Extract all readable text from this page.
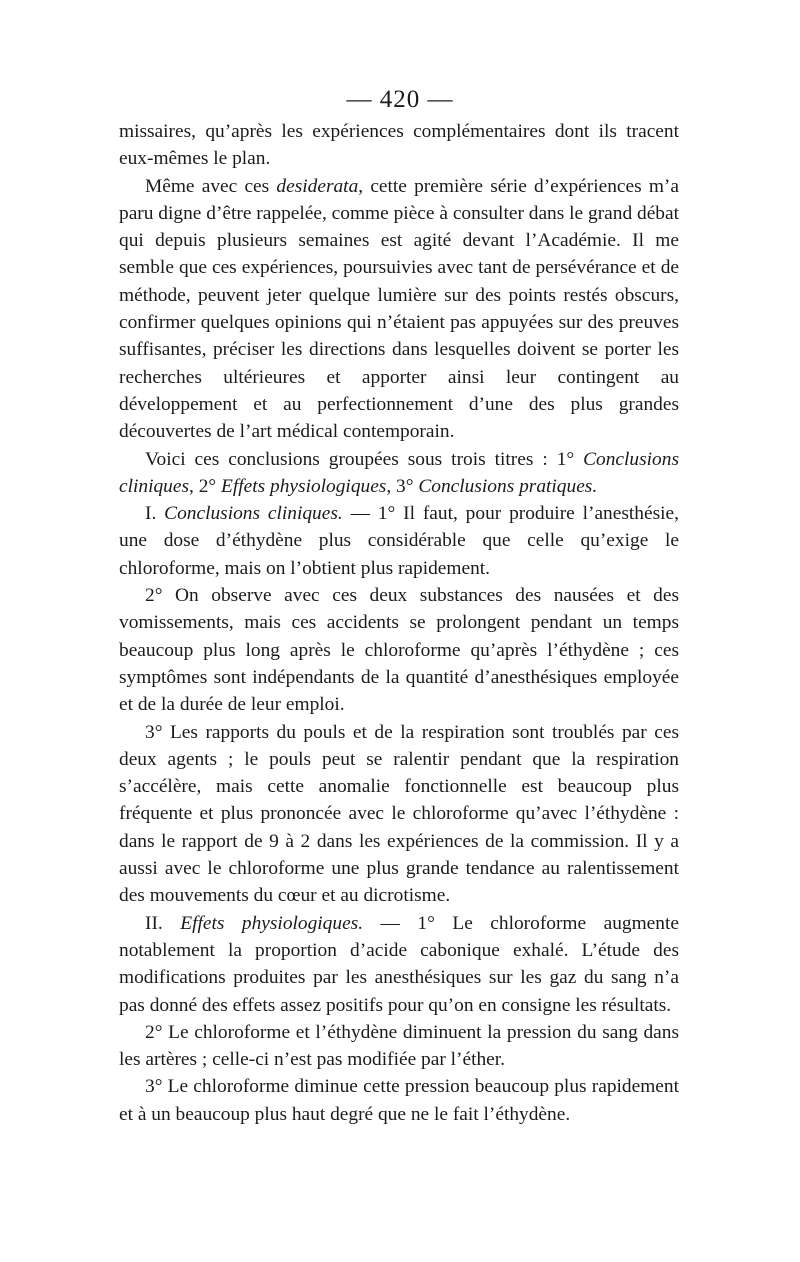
— 420 —

missaires, qu’après les expériences complémentaires dont ils tracent eux-mêmes le plan.

Même avec ces desiderata, cette première série d’expériences m’a paru digne d’être rappelée, comme pièce à consulter dans le grand débat qui depuis plusieurs semaines est agité devant l’Académie. Il me semble que ces expériences, poursuivies avec tant de persévérance et de méthode, peuvent jeter quelque lumière sur des points restés obscurs, confirmer quelques opinions qui n’étaient pas appuyées sur des preuves suffisantes, préciser les directions dans lesquelles doivent se porter les recherches ultérieures et apporter ainsi leur contingent au développement et au perfectionnement d’une des plus grandes découvertes de l’art médical contemporain.

Voici ces conclusions groupées sous trois titres : 1° Conclusions cliniques, 2° Effets physiologiques, 3° Conclusions pratiques.

I. Conclusions cliniques. — 1° Il faut, pour produire l’anesthésie, une dose d’éthydène plus considérable que celle qu’exige le chloroforme, mais on l’obtient plus rapidement.

2° On observe avec ces deux substances des nausées et des vomissements, mais ces accidents se prolongent pendant un temps beaucoup plus long après le chloroforme qu’après l’éthydène ; ces symptômes sont indépendants de la quantité d’anesthésiques employée et de la durée de leur emploi.

3° Les rapports du pouls et de la respiration sont troublés par ces deux agents ; le pouls peut se ralentir pendant que la respiration s’accélère, mais cette anomalie fonctionnelle est beaucoup plus fréquente et plus prononcée avec le chloroforme qu’avec l’éthydène : dans le rapport de 9 à 2 dans les expériences de la commission. Il y a aussi avec le chloroforme une plus grande tendance au ralentissement des mouvements du cœur et au dicrotisme.

II. Effets physiologiques. — 1° Le chloroforme augmente notablement la proportion d’acide cabonique exhalé. L’étude des modifications produites par les anesthésiques sur les gaz du sang n’a pas donné des effets assez positifs pour qu’on en consigne les résultats.

2° Le chloroforme et l’éthydène diminuent la pression du sang dans les artères ; celle-ci n’est pas modifiée par l’éther.

3° Le chloroforme diminue cette pression beaucoup plus rapidement et à un beaucoup plus haut degré que ne le fait l’éthydène.
